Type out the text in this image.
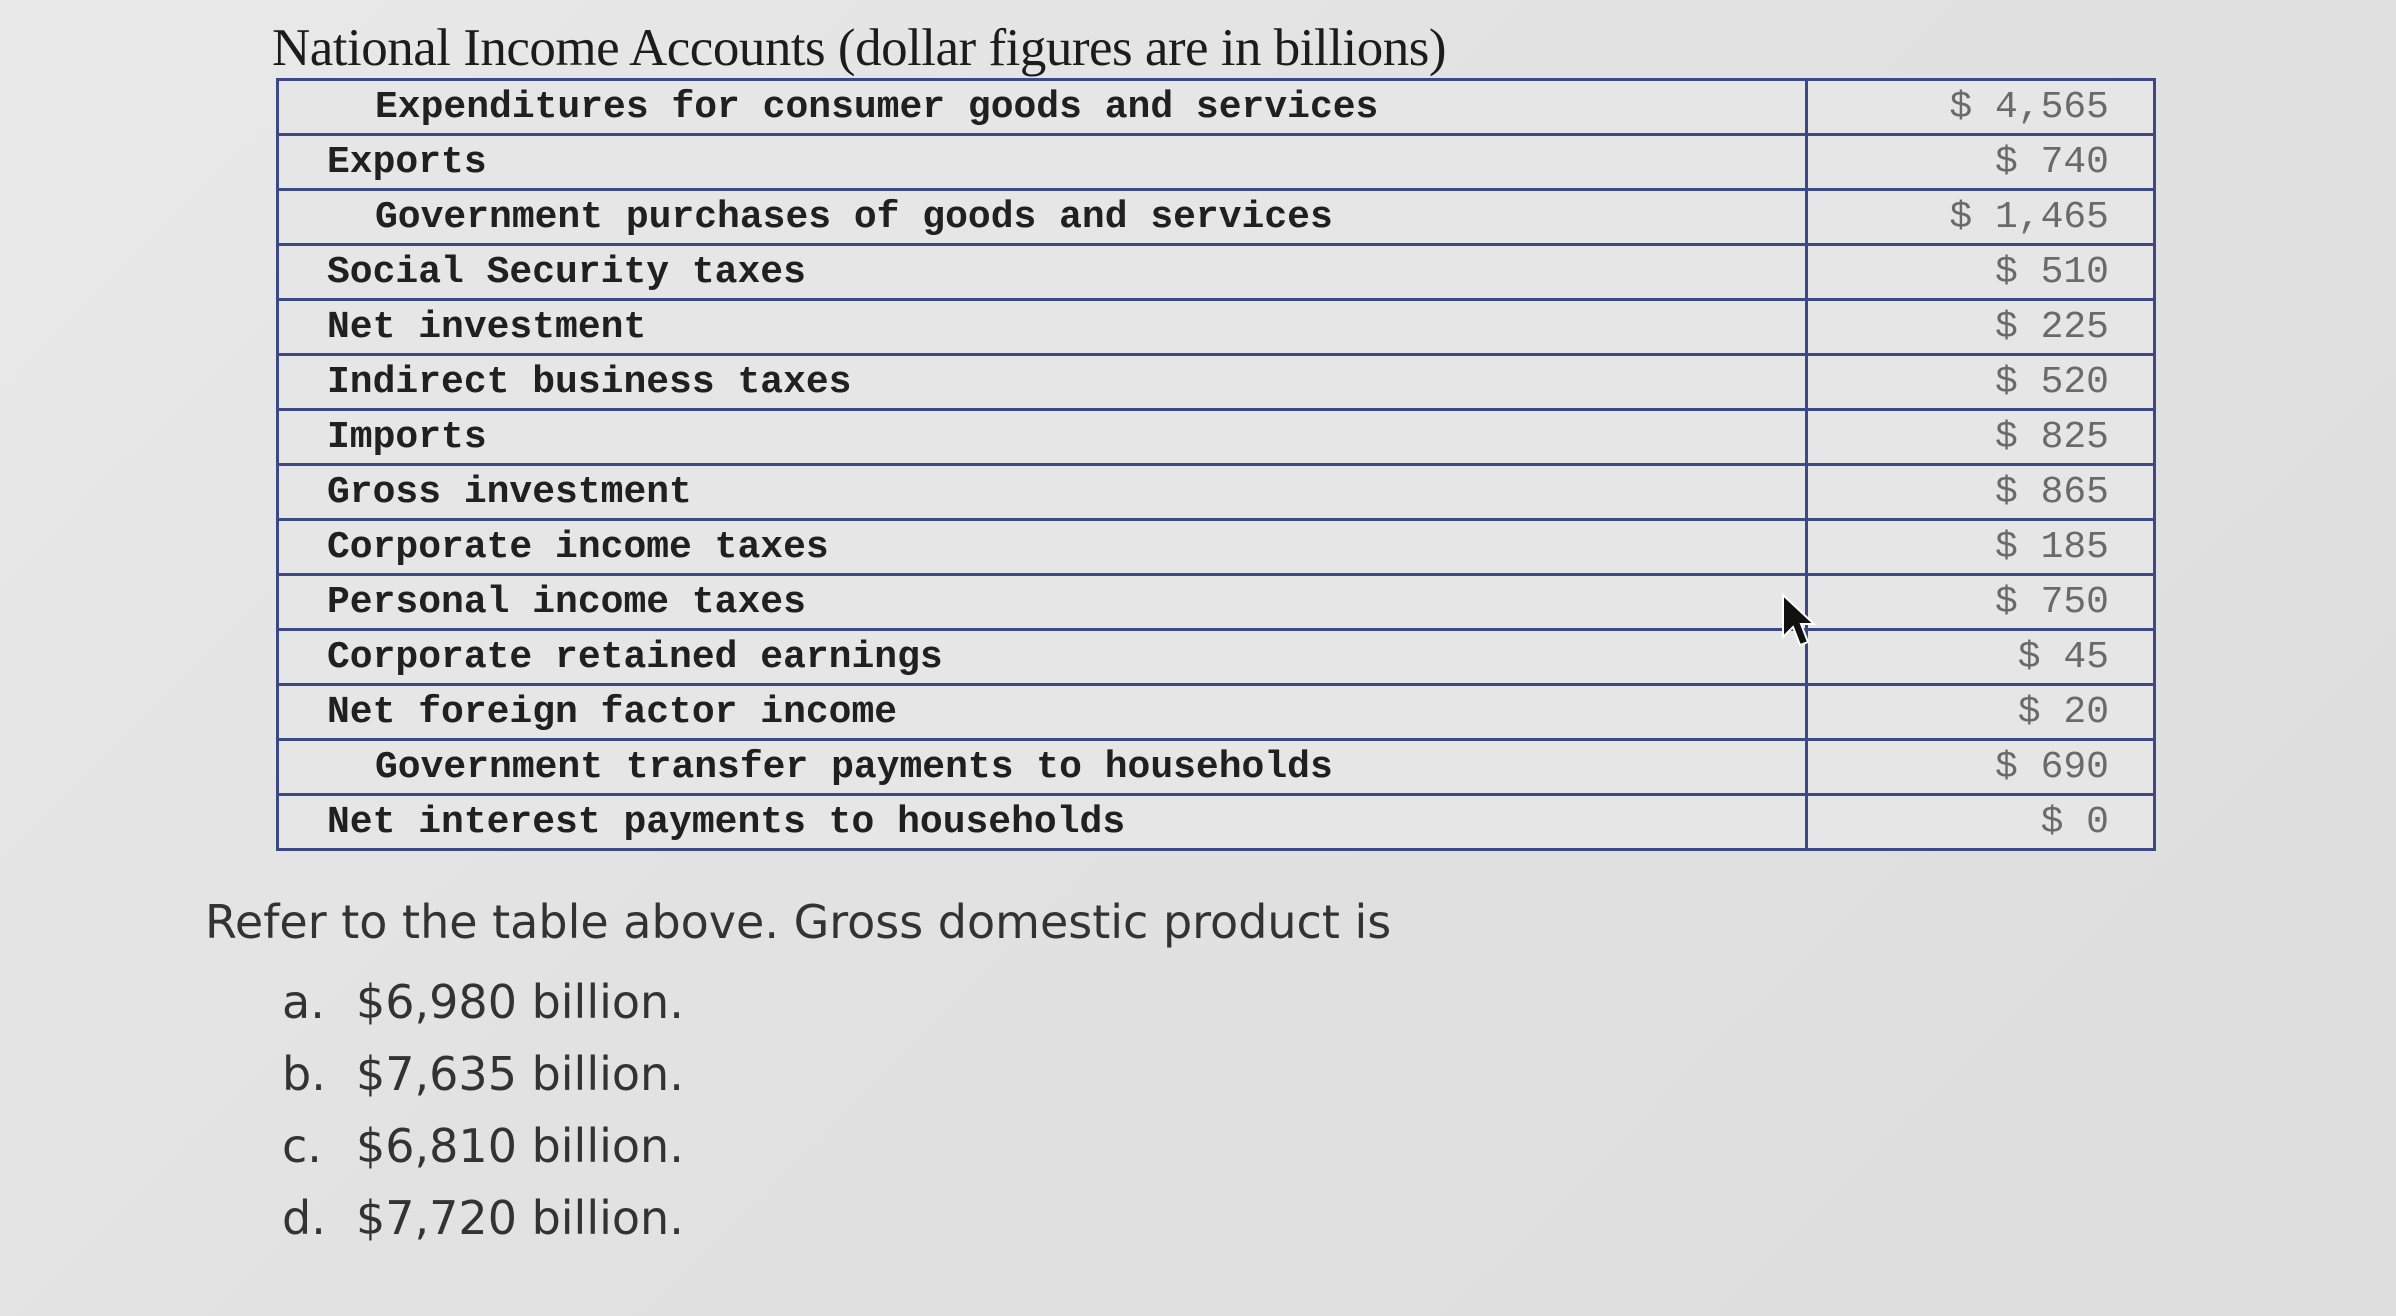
National Income Accounts (dollar figures are in billions)
Expenditures for consumer goods and services	$ 4,565
Exports	$ 740
Government purchases of goods and services	$ 1,465
Social Security taxes	$ 510
Net investment	$ 225
Indirect business taxes	$ 520
Imports	$ 825
Gross investment	$ 865
Corporate income taxes	$ 185
Personal income taxes	$ 750
Corporate retained earnings	$ 45
Net foreign factor income	$ 20
Government transfer payments to households	$ 690
Net interest payments to households	$ 0
Refer to the table above. Gross domestic product is
a. $6,980 billion.
b. $7,635 billion.
c. $6,810 billion.
d. $7,720 billion.
